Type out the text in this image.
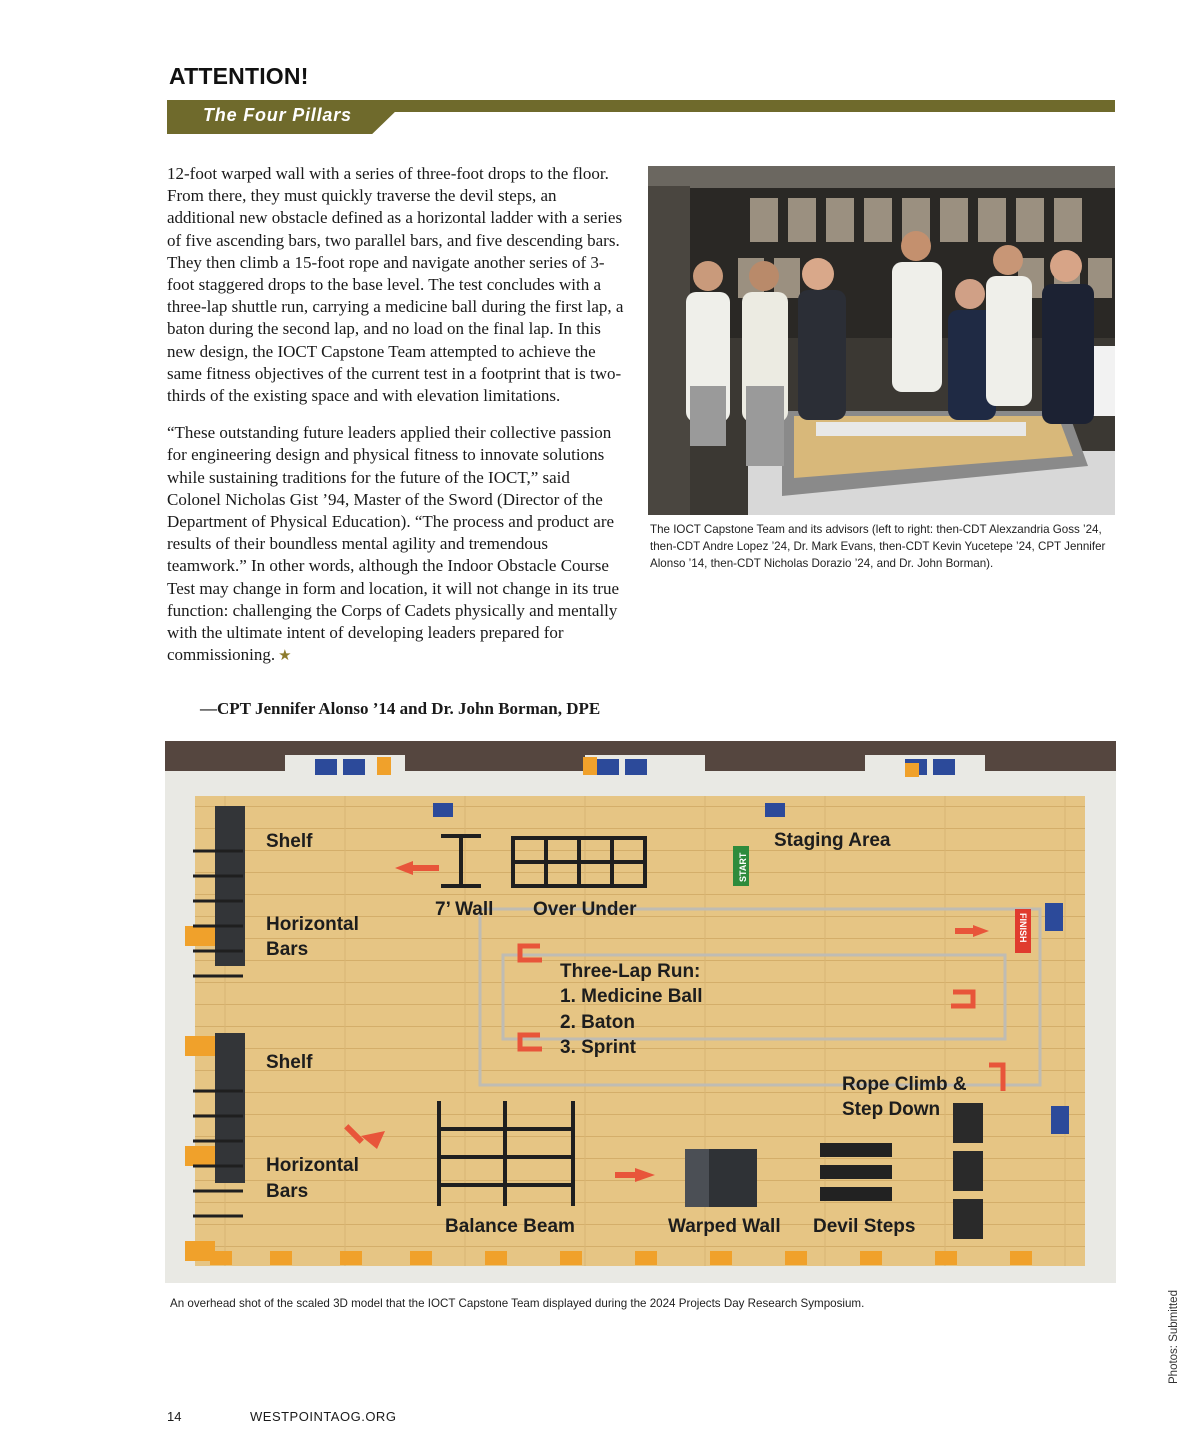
ATTENTION!
The Four Pillars

12-foot warped wall with a series of three-foot drops to the floor. From there, they must quickly traverse the devil steps, an additional new obstacle defined as a horizontal ladder with a series of five ascending bars, two parallel bars, and five descending bars. They then climb a 15-foot rope and navigate another series of 3-foot staggered drops to the base level. The test concludes with a three-lap shuttle run, carrying a medicine ball during the first lap, a baton during the second lap, and no load on the final lap. In this new design, the IOCT Capstone Team attempted to achieve the same fitness objectives of the current test in a footprint that is two-thirds of the existing space and with elevation limitations.

“These outstanding future leaders applied their collective passion for engineering design and physical fitness to innovate solutions while sustaining traditions for the future of the IOCT,” said Colonel Nicholas Gist ’94, Master of the Sword (Director of the Department of Physical Education). “The process and product are results of their boundless mental agility and tremendous teamwork.” In other words, although the Indoor Obstacle Course Test may change in form and location, it will not change in its true function: challenging the Corps of Cadets physically and mentally with the ultimate intent of developing leaders prepared for commissioning. ★

—CPT Jennifer Alonso ’14 and Dr. John Borman, DPE
The IOCT Capstone Team and its advisors (left to right: then-CDT Alexzandria Goss ’24, then-CDT Andre Lopez ’24, Dr. Mark Evans, then-CDT Kevin Yucetepe ’24, CPT Jennifer Alonso ’14, then-CDT Nicholas Dorazio ’24, and Dr. John Borman).
START
FINISH
Shelf
Horizontal
Bars
Shelf
Horizontal
Bars
7’ Wall Over Under
Staging Area
Three-Lap Run:
1. Medicine Ball
2. Baton
3. Sprint
Rope Climb &
Step Down
Balance Beam	Warped Wall Devil Steps
An overhead shot of the scaled 3D model that the IOCT Capstone Team displayed during the 2024 Projects Day Research Symposium.	Photos: Submitted
14	WESTPOINTAOG.ORG
